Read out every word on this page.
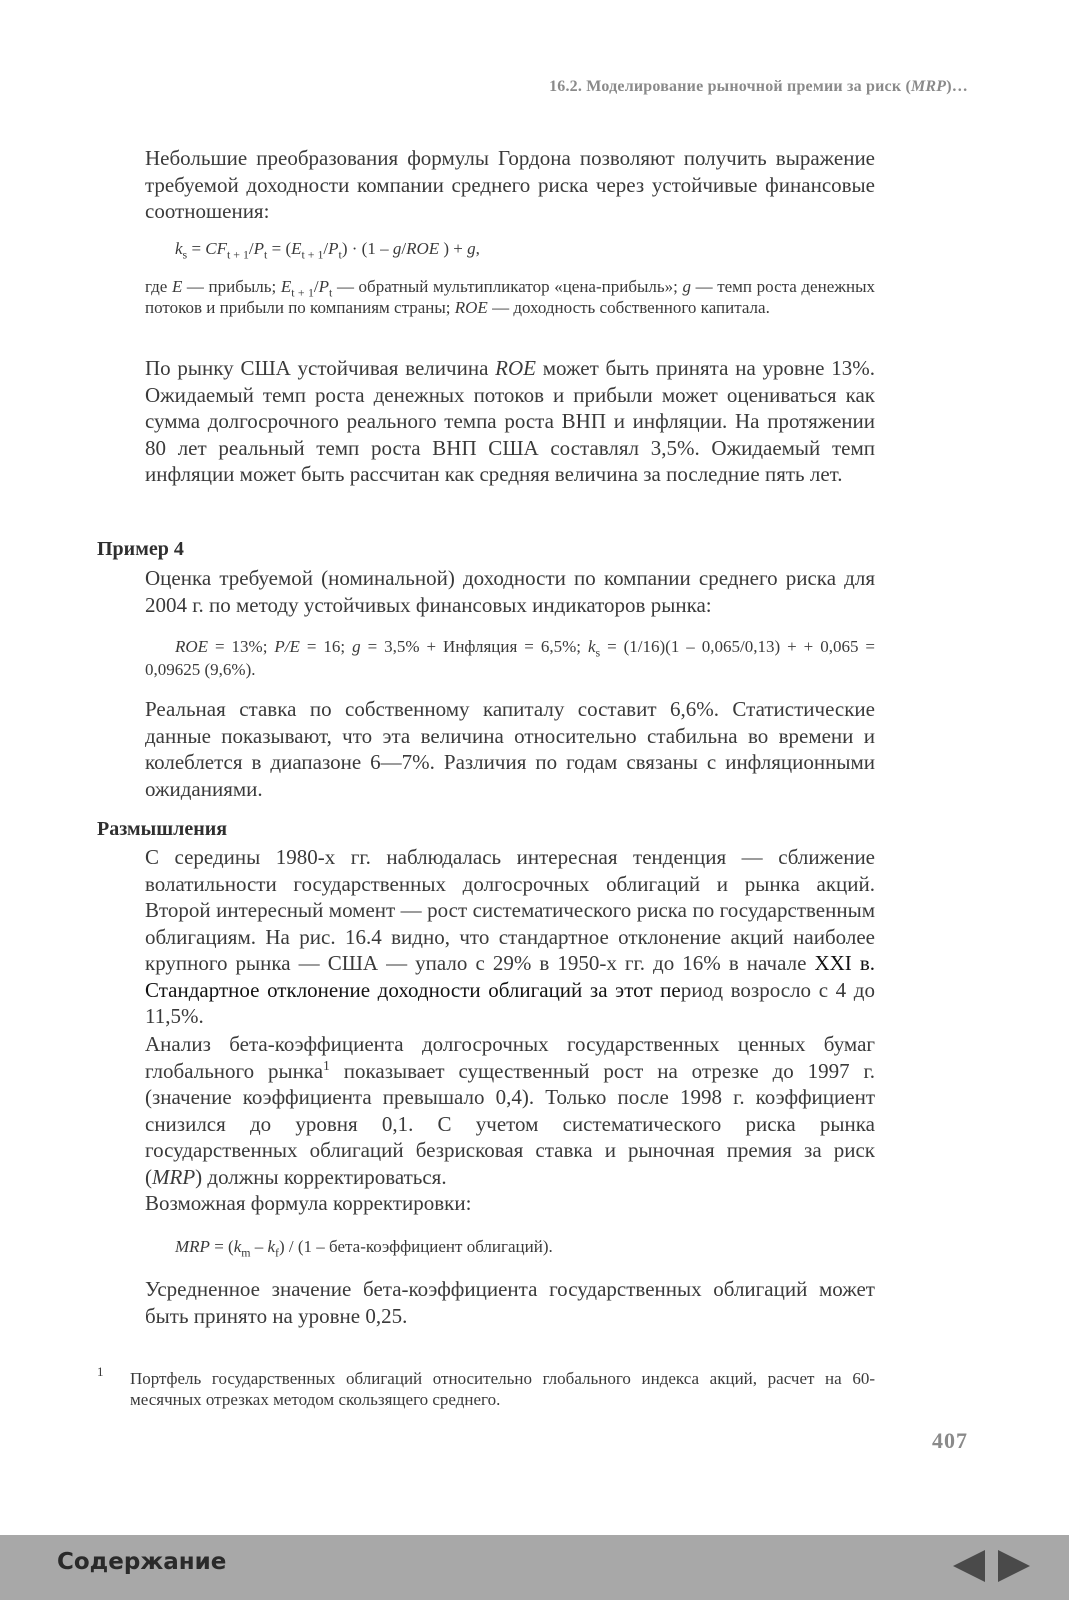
16.2. Моделирование рыночной премии за риск (MRP)…

Небольшие преобразования формулы Гордона позволяют получить выражение требуемой доходности компании среднего риска через устойчивые финансовые соотношения:

$k_s = CF_{t + 1}/P_t = (E_{t + 1}/P_t) \cdot (1 - g/ROE$ ) + g,

где E — прибыль; $E_{t + 1}/P_t$ — обратный мультипликатор «цена-прибыль»; g — темп роста денежных потоков и прибыли по компаниям страны; ROE — доходность собственного капитала.

По рынку США устойчивая величина ROE может быть принята на уровне 13%. Ожидаемый темп роста денежных потоков и прибыли может оцениваться как сумма долгосрочного реального темпа роста ВНП и инфляции. На протяжении 80 лет реальный темп роста ВНП США составлял 3,5%. Ожидаемый темп инфляции может быть рассчитан как средняя величина за последние пять лет.

Пример 4

Оценка требуемой (номинальной) доходности по компании среднего риска для 2004 г. по методу устойчивых финансовых индикаторов рынка:

ROE = 13%; P/E = 16; g = 3,5% + Инфляция = 6,5%; $k_s = (1/16)(1 - 0,065/0,13)$ + + 0,065 = 0,09625 (9,6%).

Реальная ставка по собственному капиталу составит 6,6%. Статистические данные показывают, что эта величина относительно стабильна во времени и колеблется в диапазоне 6—7%. Различия по годам связаны с инфляционными ожиданиями.

Размышления

С середины 1980-х гг. наблюдалась интересная тенденция — сближение волатильности государственных долгосрочных облигаций и рынка акций. Второй интересный момент — рост систематического риска по государственным облигациям. На рис. 16.4 видно, что стандартное отклонение акций наиболее крупного рынка — США — упало с 29% в 1950-х гг. до 16% в начале XXI в. Стандартное отклонение доходности облигаций за этот период возросло с 4 до 11,5%.

Анализ бета-коэффициента долгосрочных государственных ценных бумаг глобального рынка$^1$ показывает существенный рост на отрезке до 1997 г. (значение коэффициента превышало 0,4). Только после 1998 г. коэффициент снизился до уровня 0,1. С учетом систематического риска рынка государственных облигаций безрисковая ставка и рыночная премия за риск (MRP) должны корректироваться.

Возможная формула корректировки:

MRP = $(k_m - k_f) / (1$ – бета-коэффициент облигаций).

Усредненное значение бета-коэффициента государственных облигаций может быть принято на уровне 0,25.

1 Портфель государственных облигаций относительно глобального индекса акций, расчет на 60-месячных отрезках методом скользящего среднего.

407
Содержание
